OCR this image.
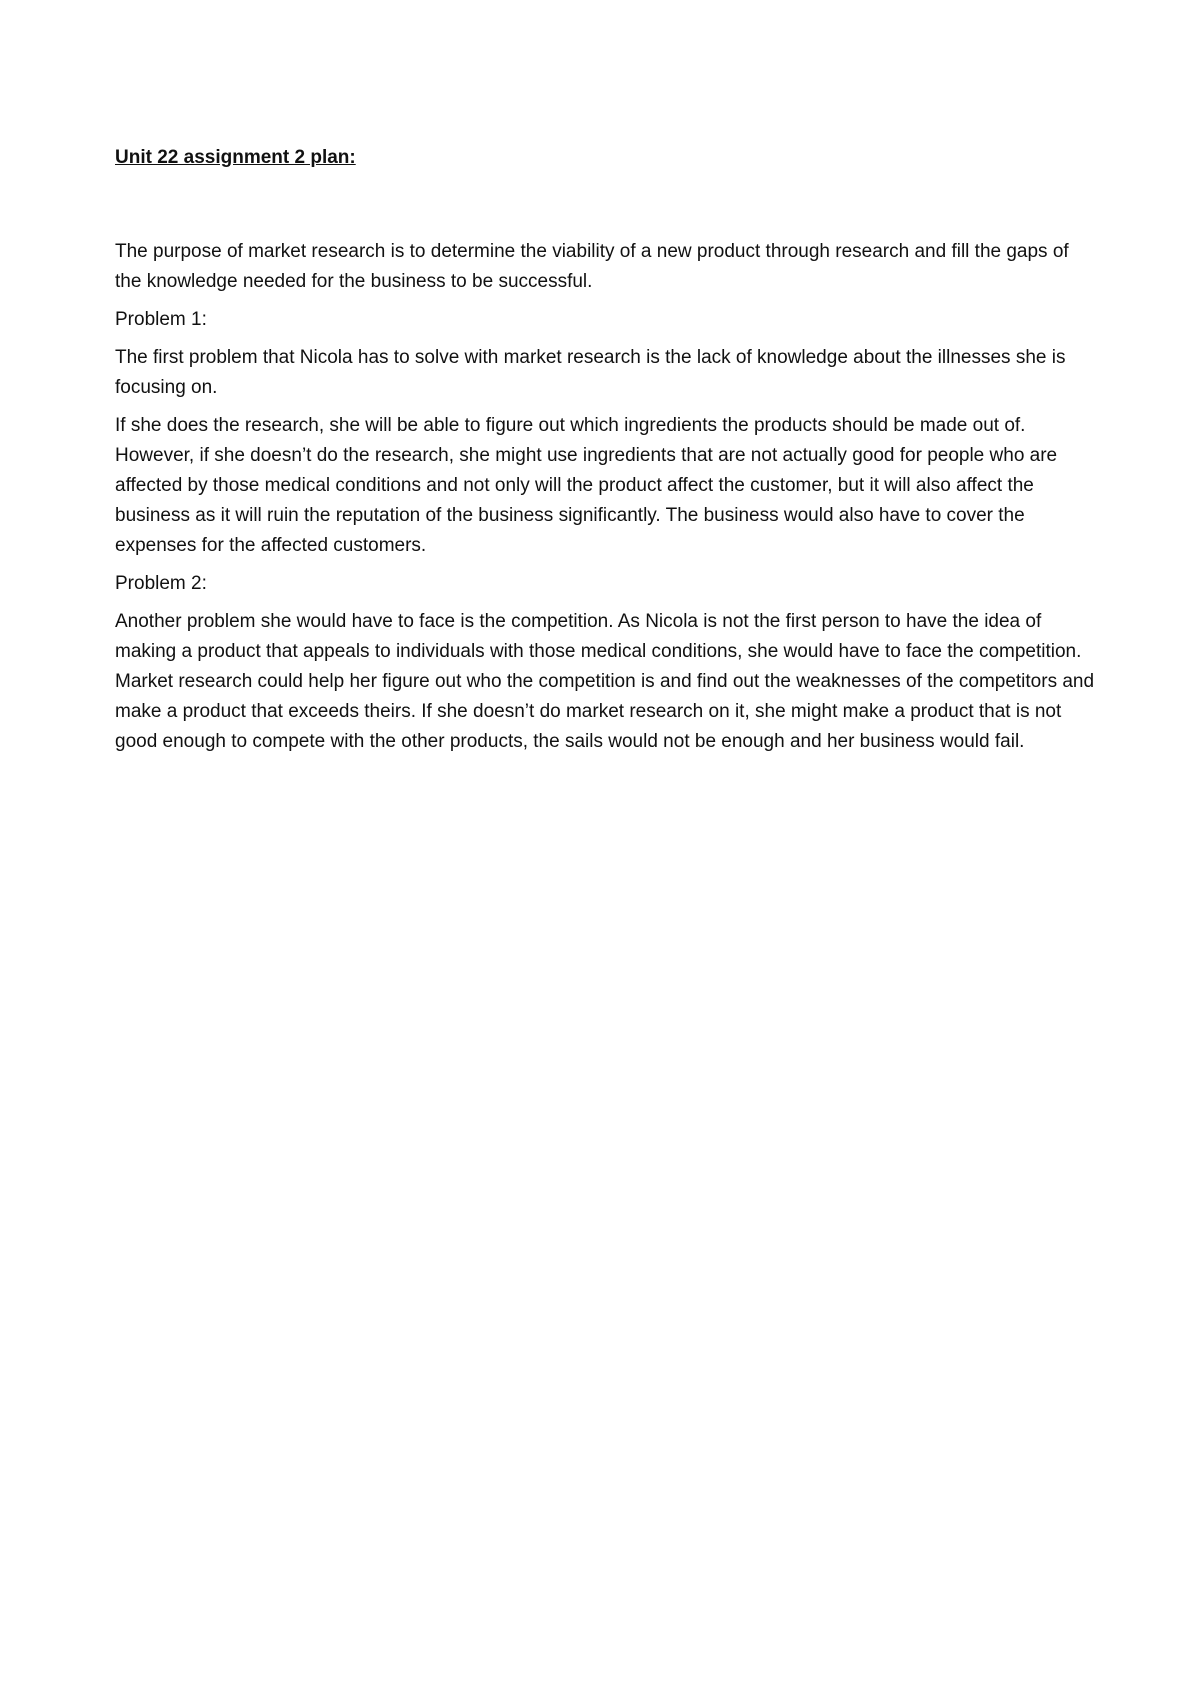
Unit 22 assignment 2 plan:

The purpose of market research is to determine the viability of a new product through research and fill the gaps of the knowledge needed for the business to be successful.

Problem 1:

The first problem that Nicola has to solve with market research is the lack of knowledge about the illnesses she is focusing on.

If she does the research, she will be able to figure out which ingredients the products should be made out of. However, if she doesn’t do the research, she might use ingredients that are not actually good for people who are affected by those medical conditions and not only will the product affect the customer, but it will also affect the business as it will ruin the reputation of the business significantly. The business would also have to cover the expenses for the affected customers.

Problem 2:

Another problem she would have to face is the competition. As Nicola is not the first person to have the idea of making a product that appeals to individuals with those medical conditions, she would have to face the competition. Market research could help her figure out who the competition is and find out the weaknesses of the competitors and make a product that exceeds theirs. If she doesn’t do market research on it, she might make a product that is not good enough to compete with the other products, the sails would not be enough and her business would fail.
